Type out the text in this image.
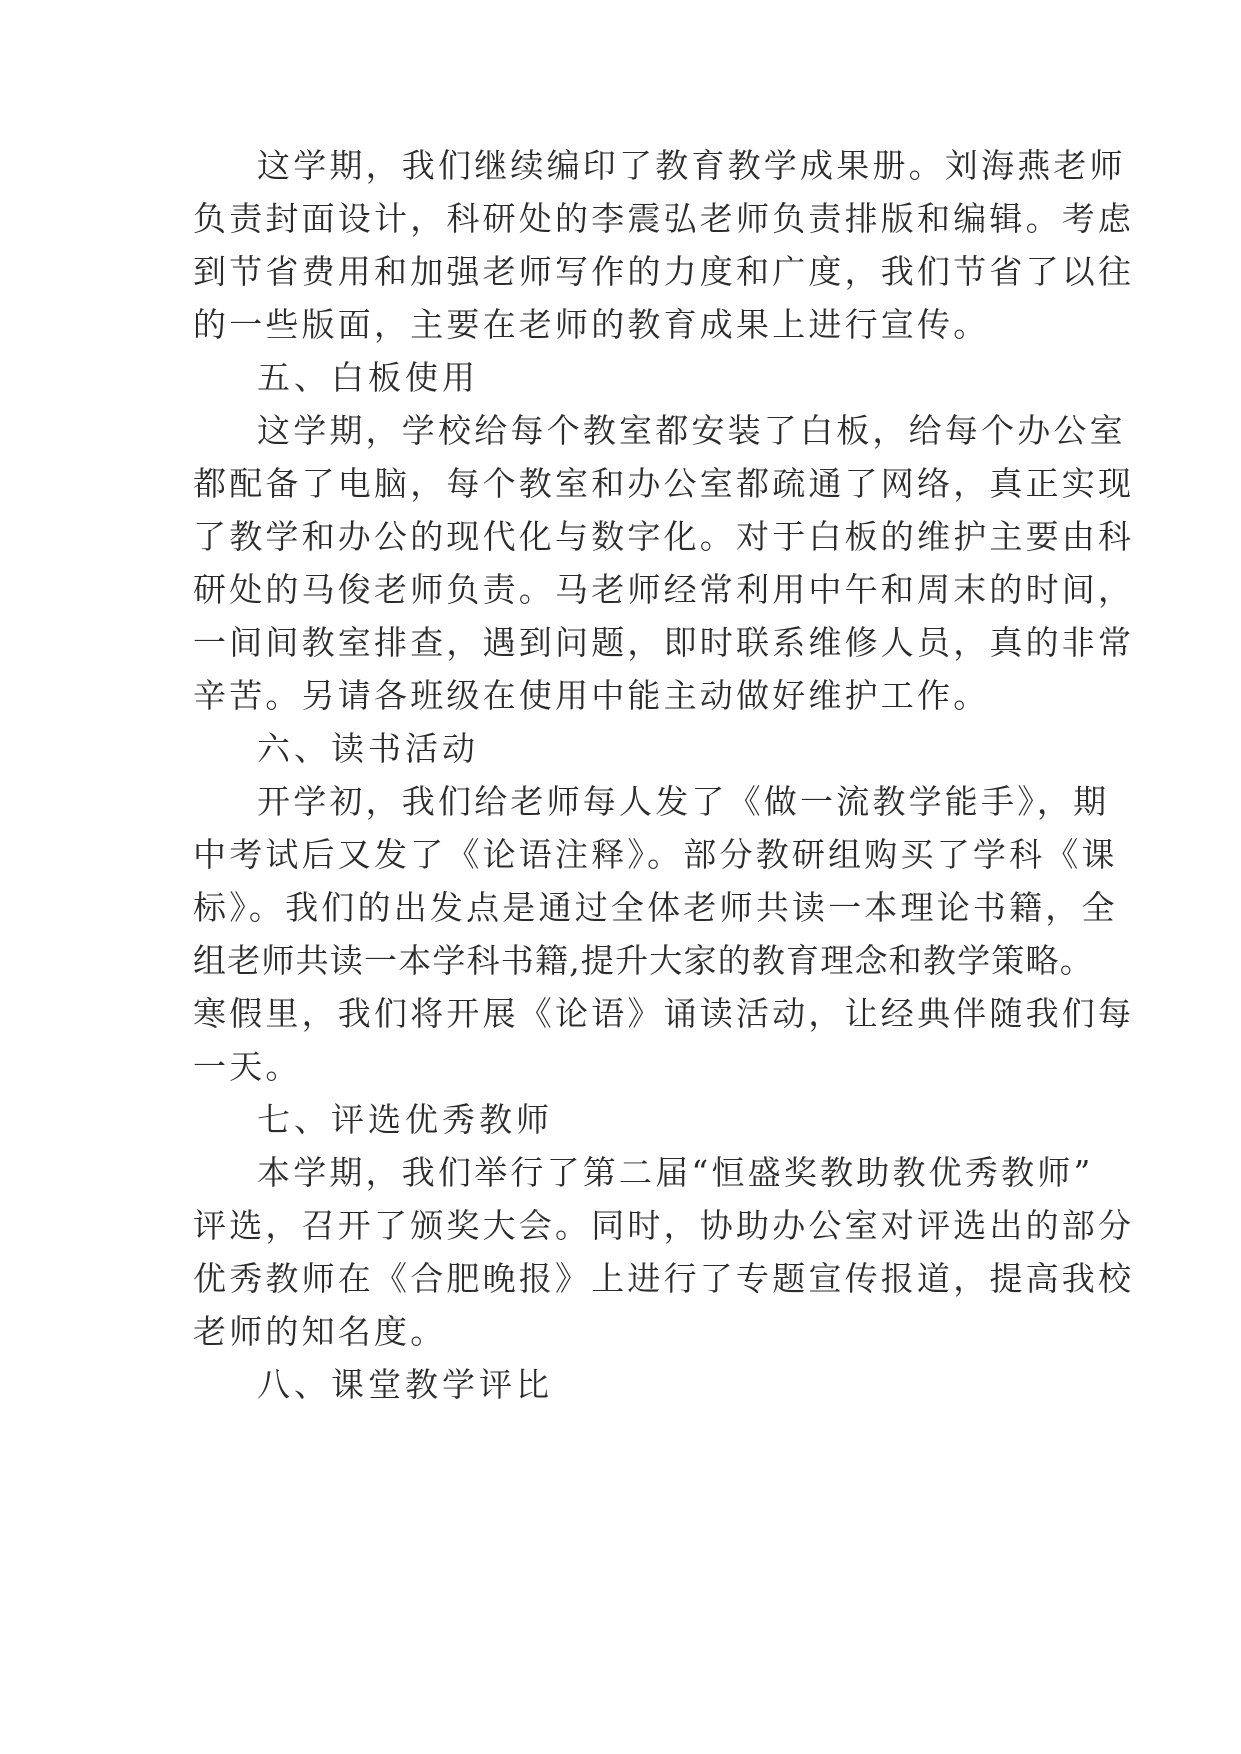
这学期，我们继续编印了教育教学成果册。刘海燕老师
负责封面设计，科研处的李震弘老师负责排版和编辑。考虑
到节省费用和加强老师写作的力度和广度，我们节省了以往
的一些版面，主要在老师的教育成果上进行宣传。
五、白板使用
这学期，学校给每个教室都安装了白板，给每个办公室
都配备了电脑，每个教室和办公室都疏通了网络，真正实现
了教学和办公的现代化与数字化。对于白板的维护主要由科
研处的马俊老师负责。马老师经常利用中午和周末的时间，
一间间教室排查，遇到问题，即时联系维修人员，真的非常
辛苦。另请各班级在使用中能主动做好维护工作。
六、读书活动
开学初，我们给老师每人发了《做一流教学能手》，期
中考试后又发了《论语注释》。部分教研组购买了学科《课
标》。我们的出发点是通过全体老师共读一本理论书籍，全
组老师共读一本学科书籍,提升大家的教育理念和教学策略。
寒假里，我们将开展《论语》诵读活动，让经典伴随我们每
一天。
七、评选优秀教师
本学期，我们举行了第二届“恒盛奖教助教优秀教师”
评选，召开了颁奖大会。同时，协助办公室对评选出的部分
优秀教师在《合肥晚报》上进行了专题宣传报道，提高我校
老师的知名度。
八、课堂教学评比
